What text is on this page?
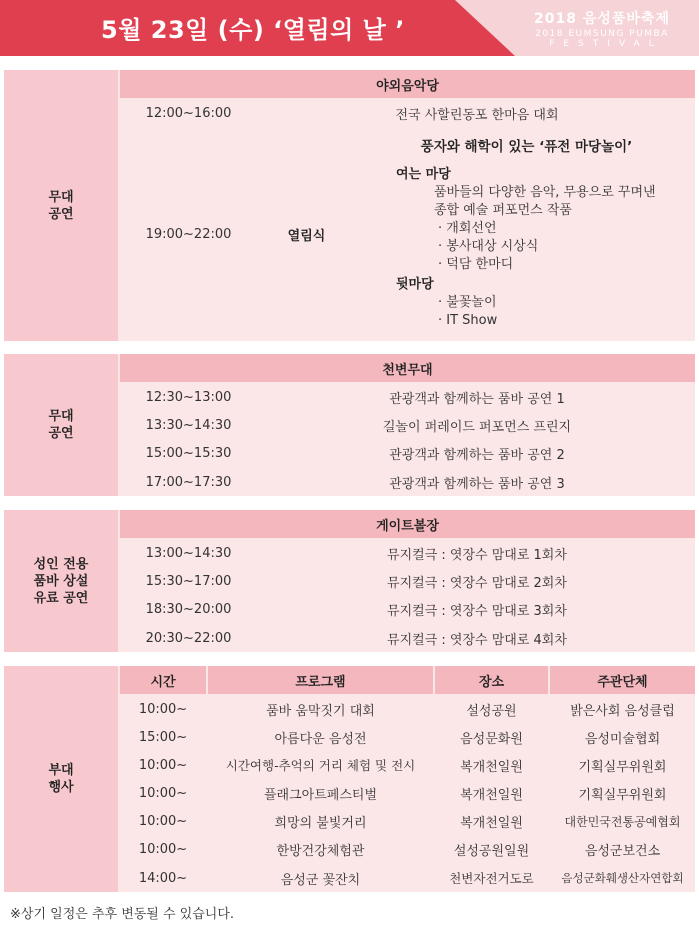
5월 23일 (수) ‘열림의 날 ’	2018 음성품바축제
2018 EUMSUNG PUMBA
FESTIVAL
무대
공연
야외음악당
12:00~16:00	전국 사할린동포 한마음 대회
19:00~22:00	열림식
풍자와 해학이 있는 ‘퓨전 마당놀이’
여는 마당
품바들의 다양한 음악, 무용으로 꾸며낸
종합 예술 퍼포먼스 작품
· 개회선언
· 봉사대상 시상식
· 덕담 한마디
뒷마당
· 불꽃놀이
· IT Show
무대
공연
천변무대
12:30~13:00	관광객과 함께하는 품바 공연 1
13:30~14:30	길놀이 퍼레이드 퍼포먼스 프린지
15:00~15:30	관광객과 함께하는 품바 공연 2
17:00~17:30	관광객과 함께하는 품바 공연 3
성인 전용
품바 상설
유료 공연
게이트볼장
13:00~14:30	뮤지컬극 : 엿장수 맘대로 1회차
15:30~17:00	뮤지컬극 : 엿장수 맘대로 2회차
18:30~20:00	뮤지컬극 : 엿장수 맘대로 3회차
20:30~22:00	뮤지컬극 : 엿장수 맘대로 4회차
부대
행사
시간	프로그램	장소	주관단체
10:00~	품바 움막짓기 대회	설성공원	밝은사회 음성클럽
15:00~	아름다운 음성전	음성문화원	음성미술협회
10:00~	시간여행-추억의 거리 체험 및 전시	복개천일원	기획실무위원회
10:00~	플래그아트페스티벌	복개천일원	기획실무위원회
10:00~	희망의 불빛거리	복개천일원	대한민국전통공예협회
10:00~	한방건강체험관	설성공원일원	음성군보건소
14:00~	음성군 꽃잔치	천변자전거도로	음성군화훼생산자연합회
※상기 일정은 추후 변동될 수 있습니다.
